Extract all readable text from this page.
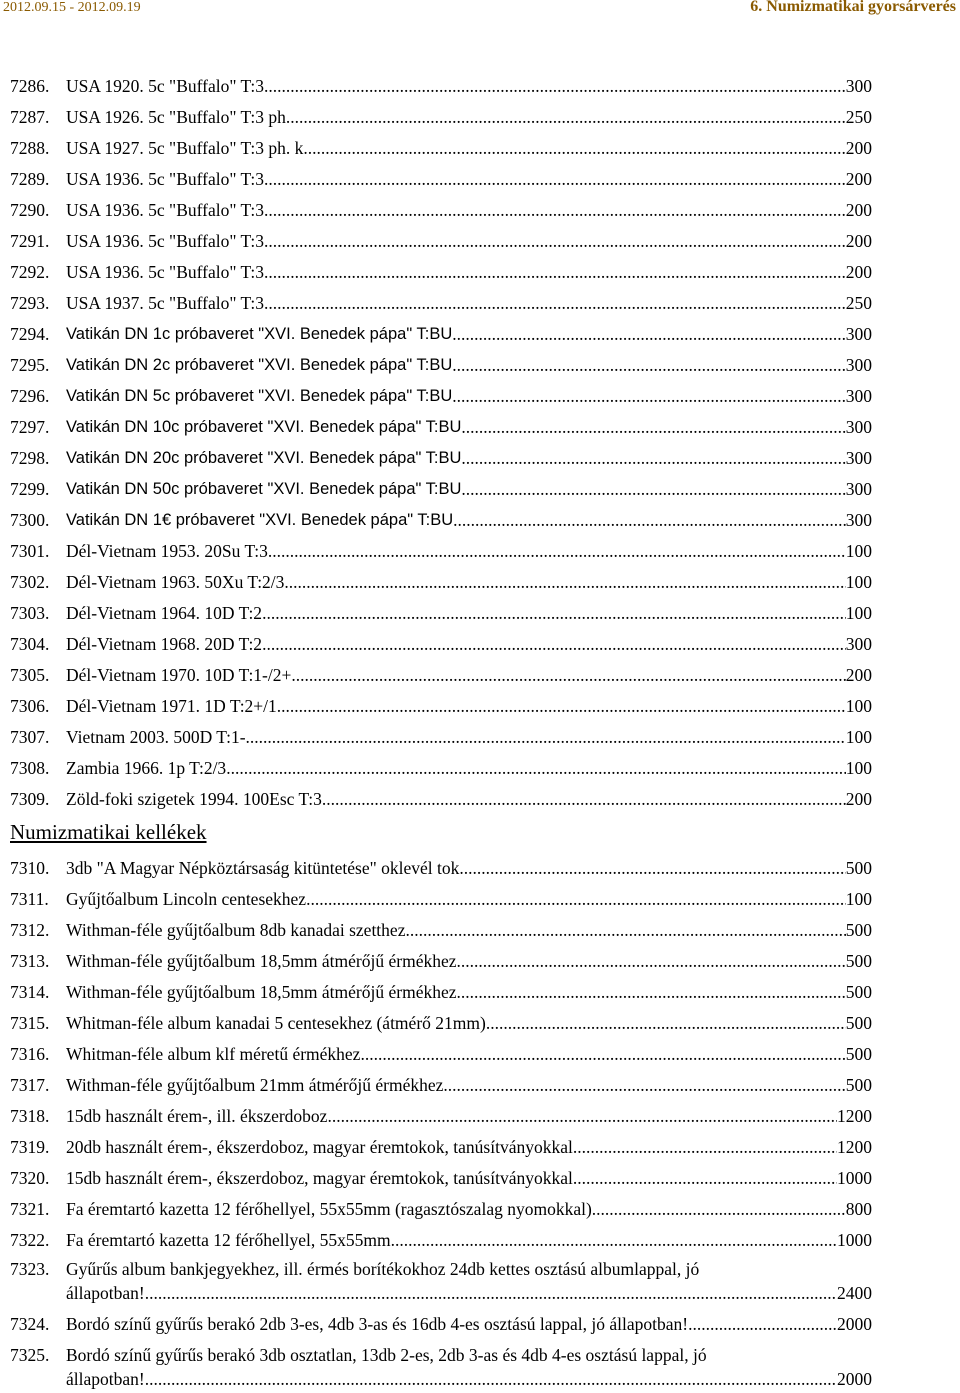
2012.09.15 - 2012.09.19	6. Numizmatikai gyorsárverés
7286. USA 1920. 5c "Buffalo" T:3 .....	300
7287. USA 1926. 5c "Buffalo" T:3 ph. .....	250
7288. USA 1927. 5c "Buffalo" T:3 ph. k. .....	200
7289. USA 1936. 5c "Buffalo" T:3 .....	200
7290. USA 1936. 5c "Buffalo" T:3 .....	200
7291. USA 1936. 5c "Buffalo" T:3 .....	200
7292. USA 1936. 5c "Buffalo" T:3 .....	200
7293. USA 1937. 5c "Buffalo" T:3 .....	250
7294.	Vatikán DN 1c próbaveret "XVI. Benedek pápa" T:BU .....	300
7295.	Vatikán DN 2c próbaveret "XVI. Benedek pápa" T:BU .....	300
7296.	Vatikán DN 5c próbaveret "XVI. Benedek pápa" T:BU .....	300
7297.	Vatikán DN 10c próbaveret "XVI. Benedek pápa" T:BU .....	300
7298.	Vatikán DN 20c próbaveret "XVI. Benedek pápa" T:BU .....	300
7299.	Vatikán DN 50c próbaveret "XVI. Benedek pápa" T:BU .....	300
7300.	Vatikán DN 1€ próbaveret "XVI. Benedek pápa" T:BU .....	300
7301. Dél-Vietnam 1953. 20Su T:3 .....	100
7302. Dél-Vietnam 1963. 50Xu T:2/3 .....	100
7303. Dél-Vietnam 1964. 10D T:2 .....	100
7304. Dél-Vietnam 1968. 20D T:2 .....	300
7305. Dél-Vietnam 1970. 10D T:1-/2+ .....	200
7306. Dél-Vietnam 1971. 1D T:2+/1 .....	100
7307. Vietnam 2003. 500D T:1- .....	100
7308. Zambia 1966. 1p T:2/3 .....	100
7309. Zöld-foki szigetek 1994. 100Esc T:3 .....	200
Numizmatikai kellékek
7310. 3db "A Magyar Népköztársaság kitüntetése" oklevél tok .....	500
7311. Gyűjtőalbum Lincoln centesekhez .....	100
7312. Withman-féle gyűjtőalbum 8db kanadai szetthez .....	500
7313. Withman-féle gyűjtőalbum 18,5mm átmérőjű érmékhez .....	500
7314. Withman-féle gyűjtőalbum 18,5mm átmérőjű érmékhez .....	500
7315. Whitman-féle album kanadai 5 centesekhez (átmérő 21mm) .....	500
7316. Whitman-féle album klf méretű érmékhez .....	500
7317. Withman-féle gyűjtőalbum 21mm átmérőjű érmékhez .....	500
7318. 15db használt érem-, ill. ékszerdoboz .....	1200
7319. 20db használt érem-, ékszerdoboz, magyar éremtokok, tanúsítványokkal .....	1200
7320. 15db használt érem-, ékszerdoboz, magyar éremtokok, tanúsítványokkal .....	1000
7321. Fa éremtartó kazetta 12 férőhellyel, 55x55mm (ragasztószalag nyomokkal) .....	800
7322. Fa éremtartó kazetta 12 férőhellyel, 55x55mm .....	1000
7323. Gyűrűs album bankjegyekhez, ill. érmés borítékokhoz 24db kettes osztású albumlappal, jó
állapotban! .....	2400
7324. Bordó színű gyűrűs berakó 2db 3-es, 4db 3-as és 16db 4-es osztású lappal, jó állapotban! .....	2000
7325. Bordó színű gyűrűs berakó 3db osztatlan, 13db 2-es, 2db 3-as és 4db 4-es osztású lappal, jó
állapotban! .....	2000
